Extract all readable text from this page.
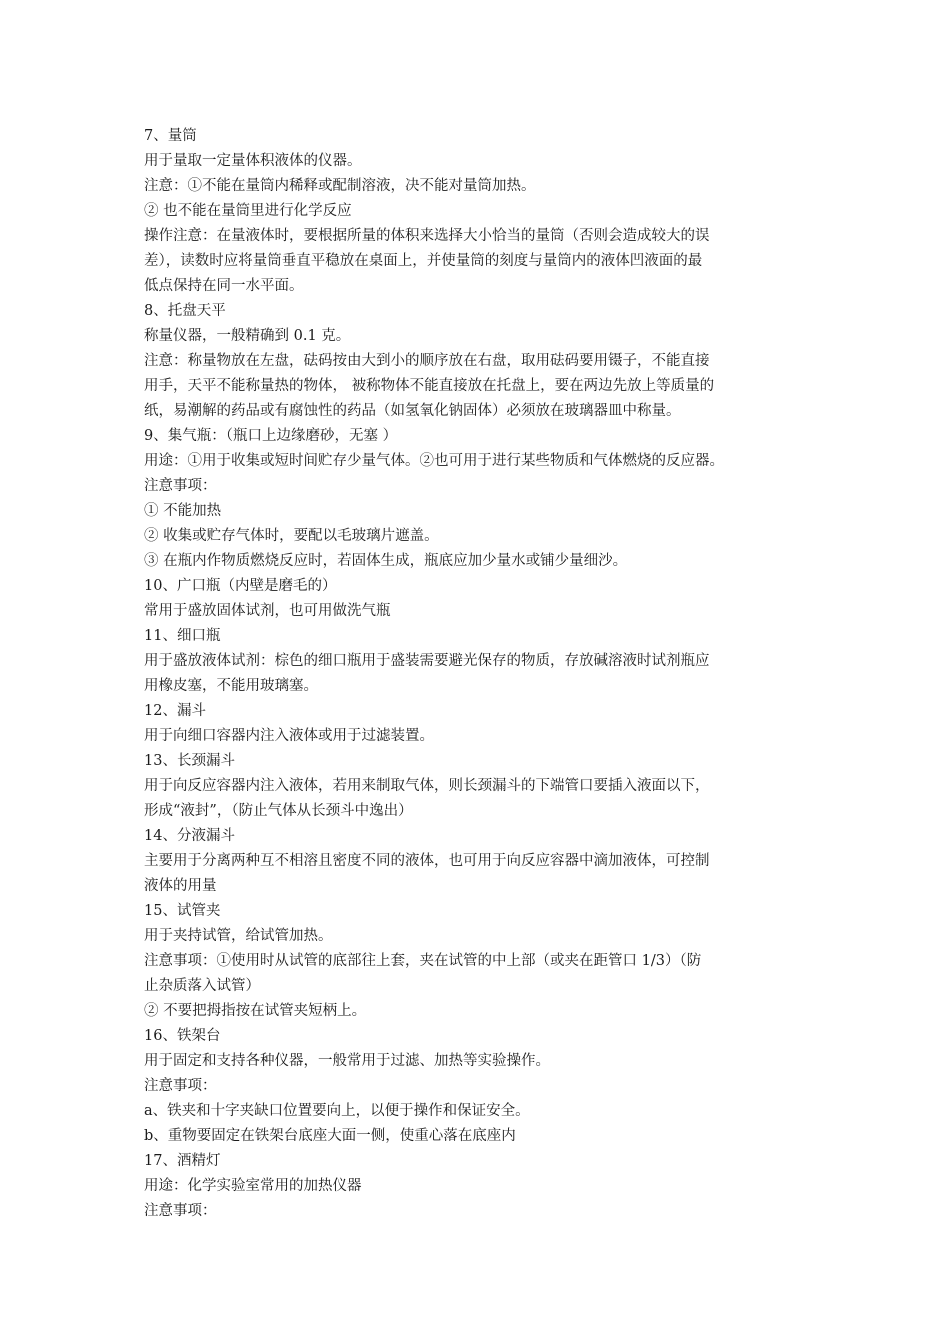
7、量筒
用于量取一定量体积液体的仪器。
注意：①不能在量筒内稀释或配制溶液，决不能对量筒加热。
② 也不能在量筒里进行化学反应
操作注意：在量液体时，要根据所量的体积来选择大小恰当的量筒（否则会造成较大的误
差），读数时应将量筒垂直平稳放在桌面上，并使量筒的刻度与量筒内的液体凹液面的最
低点保持在同一水平面。
8、托盘天平
称量仪器，一般精确到 0.1 克。
注意：称量物放在左盘，砝码按由大到小的顺序放在右盘，取用砝码要用镊子，不能直接
用手，天平不能称量热的物体， 被称物体不能直接放在托盘上，要在两边先放上等质量的
纸，易潮解的药品或有腐蚀性的药品（如氢氧化钠固体）必须放在玻璃器皿中称量。
9、集气瓶：（瓶口上边缘磨砂，无塞 ）
用途：①用于收集或短时间贮存少量气体。②也可用于进行某些物质和气体燃烧的反应器。
注意事项：
① 不能加热
② 收集或贮存气体时，要配以毛玻璃片遮盖。
③ 在瓶内作物质燃烧反应时，若固体生成，瓶底应加少量水或铺少量细沙。
10、广口瓶（内壁是磨毛的）
常用于盛放固体试剂，也可用做洗气瓶
11、细口瓶
用于盛放液体试剂：棕色的细口瓶用于盛装需要避光保存的物质，存放碱溶液时试剂瓶应
用橡皮塞，不能用玻璃塞。
12、漏斗
用于向细口容器内注入液体或用于过滤装置。
13、长颈漏斗
用于向反应容器内注入液体，若用来制取气体，则长颈漏斗的下端管口要插入液面以下，
形成“液封”，（防止气体从长颈斗中逸出）
14、分液漏斗
主要用于分离两种互不相溶且密度不同的液体，也可用于向反应容器中滴加液体，可控制
液体的用量
15、试管夹
用于夹持试管，给试管加热。
注意事项：①使用时从试管的底部往上套，夹在试管的中上部（或夹在距管口 1/3）（防
止杂质落入试管）
② 不要把拇指按在试管夹短柄上。
16、铁架台
用于固定和支持各种仪器，一般常用于过滤、加热等实验操作。
注意事项：
a、铁夹和十字夹缺口位置要向上，以便于操作和保证安全。
b、重物要固定在铁架台底座大面一侧，使重心落在底座内
17、酒精灯
用途：化学实验室常用的加热仪器
注意事项：
